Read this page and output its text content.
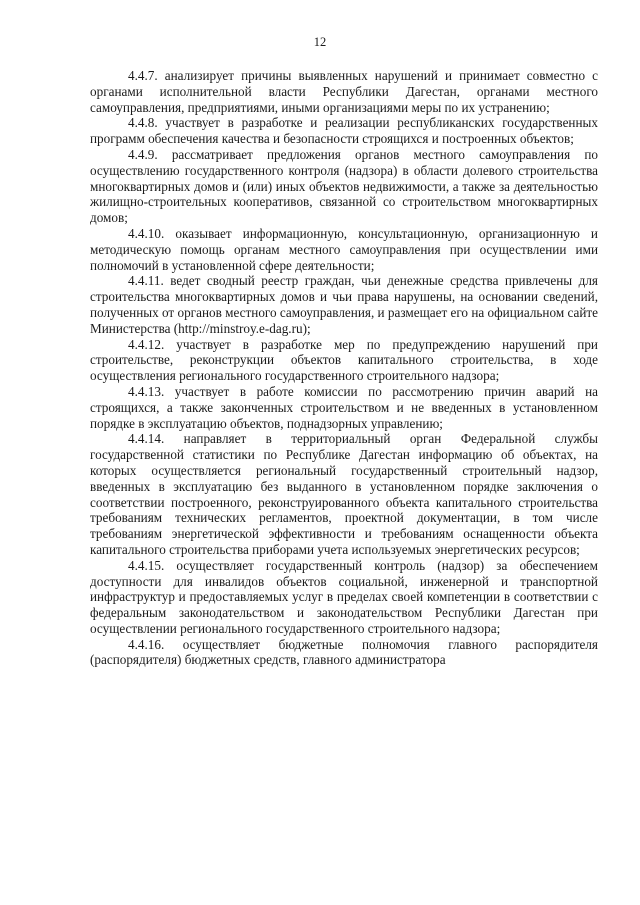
12

4.4.7. анализирует причины выявленных нарушений и принимает совместно с органами исполнительной власти Республики Дагестан, органами местного самоуправления, предприятиями, иными организациями меры по их устранению;

4.4.8. участвует в разработке и реализации республиканских государственных программ обеспечения качества и безопасности строящихся и построенных объектов;

4.4.9. рассматривает предложения органов местного самоуправления по осуществлению государственного контроля (надзора) в области долевого строительства многоквартирных домов и (или) иных объектов недвижимости, а также за деятельностью жилищно-строительных кооперативов, связанной со строительством многоквартирных домов;

4.4.10. оказывает информационную, консультационную, организационную и методическую помощь органам местного самоуправления при осуществлении ими полномочий в установленной сфере деятельности;

4.4.11. ведет сводный реестр граждан, чьи денежные средства привлечены для строительства многоквартирных домов и чьи права нарушены, на основании сведений, полученных от органов местного самоуправления, и размещает его на официальном сайте Министерства (http://minstroy.e-dag.ru);

4.4.12. участвует в разработке мер по предупреждению нарушений при строительстве, реконструкции объектов капитального строительства, в ходе осуществления регионального государственного строительного надзора;

4.4.13. участвует в работе комиссии по рассмотрению причин аварий на строящихся, а также законченных строительством и не введенных в установленном порядке в эксплуатацию объектов, поднадзорных управлению;

4.4.14. направляет в территориальный орган Федеральной службы государственной статистики по Республике Дагестан информацию об объектах, на которых осуществляется региональный государственный строительный надзор, введенных в эксплуатацию без выданного в установленном порядке заключения о соответствии построенного, реконструированного объекта капитального строительства требованиям технических регламентов, проектной документации, в том числе требованиям энергетической эффективности и требованиям оснащенности объекта капитального строительства приборами учета используемых энергетических ресурсов;

4.4.15. осуществляет государственный контроль (надзор) за обеспечением доступности для инвалидов объектов социальной, инженерной и транспортной инфраструктур и предоставляемых услуг в пределах своей компетенции в соответствии с федеральным законодательством и законодательством Республики Дагестан при осуществлении регионального государственного строительного надзора;

4.4.16. осуществляет бюджетные полномочия главного распорядителя (распорядителя) бюджетных средств, главного администратора
